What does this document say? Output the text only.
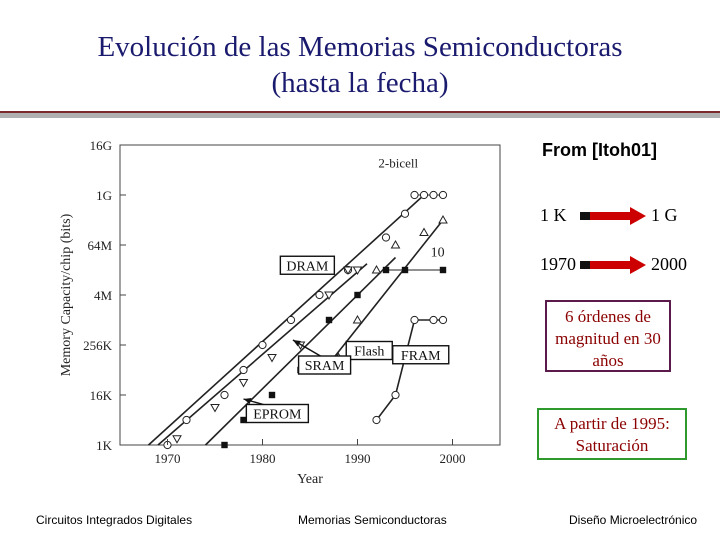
Evolución de las Memorias Semiconductoras
(hasta la fecha)
1970	1980	1990	2000
1K
16K
256K
4M
64M
1G
16G
DRAM
Flash
SRAM
FRAM
EPROM
2-bicell
10
Year
Memory Capacity/chip (bits)
From [Itoh01]
1 K	1 G
1970	2000
6 órdenes de
magnitud en 30
años
A partir de 1995:
Saturación
Circuitos Integrados Digitales	Memorias Semiconductoras	Diseño Microelectrónico
